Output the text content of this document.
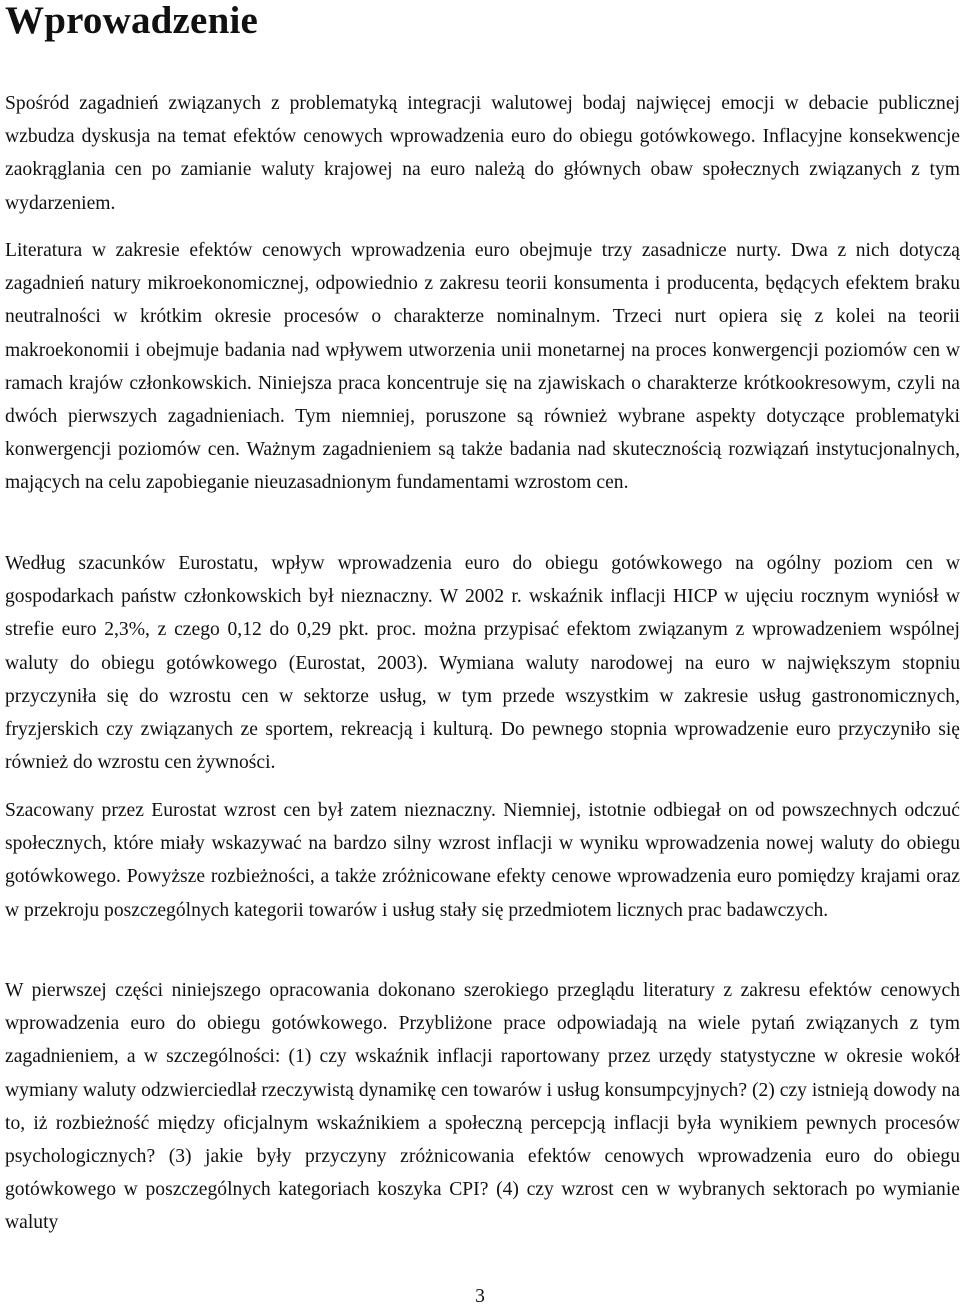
Wprowadzenie

Spośród zagadnień związanych z problematyką integracji walutowej bodaj najwięcej emocji w debacie publicznej wzbudza dyskusja na temat efektów cenowych wprowadzenia euro do obiegu gotówkowego. Inflacyjne konsekwencje zaokrąglania cen po zamianie waluty krajowej na euro należą do głównych obaw społecznych związanych z tym wydarzeniem.

Literatura w zakresie efektów cenowych wprowadzenia euro obejmuje trzy zasadnicze nurty. Dwa z nich dotyczą zagadnień natury mikroekonomicznej, odpowiednio z zakresu teorii konsumenta i producenta, będących efektem braku neutralności w krótkim okresie procesów o charakterze nominalnym. Trzeci nurt opiera się z kolei na teorii makroekonomii i obejmuje badania nad wpływem utworzenia unii monetarnej na proces konwergencji poziomów cen w ramach krajów członkowskich. Niniejsza praca koncentruje się na zjawiskach o charakterze krótkookresowym, czyli na dwóch pierwszych zagadnieniach. Tym niemniej, poruszone są również wybrane aspekty dotyczące problematyki konwergencji poziomów cen. Ważnym zagadnieniem są także badania nad skutecznością rozwiązań instytucjonalnych, mających na celu zapobieganie nieuzasadnionym fundamentami wzrostom cen.

Według szacunków Eurostatu, wpływ wprowadzenia euro do obiegu gotówkowego na ogólny poziom cen w gospodarkach państw członkowskich był nieznaczny. W 2002 r. wskaźnik inflacji HICP w ujęciu rocznym wyniósł w strefie euro 2,3%, z czego 0,12 do 0,29 pkt. proc. można przypisać efektom związanym z wprowadzeniem wspólnej waluty do obiegu gotówkowego (Eurostat, 2003). Wymiana waluty narodowej na euro w największym stopniu przyczyniła się do wzrostu cen w sektorze usług, w tym przede wszystkim w zakresie usług gastronomicznych, fryzjerskich czy związanych ze sportem, rekreacją i kulturą. Do pewnego stopnia wprowadzenie euro przyczyniło się również do wzrostu cen żywności.

Szacowany przez Eurostat wzrost cen był zatem nieznaczny. Niemniej, istotnie odbiegał on od powszechnych odczuć społecznych, które miały wskazywać na bardzo silny wzrost inflacji w wyniku wprowadzenia nowej waluty do obiegu gotówkowego. Powyższe rozbieżności, a także zróżnicowane efekty cenowe wprowadzenia euro pomiędzy krajami oraz w przekroju poszczególnych kategorii towarów i usług stały się przedmiotem licznych prac badawczych.

W pierwszej części niniejszego opracowania dokonano szerokiego przeglądu literatury z zakresu efektów cenowych wprowadzenia euro do obiegu gotówkowego. Przybliżone prace odpowiadają na wiele pytań związanych z tym zagadnieniem, a w szczególności: (1) czy wskaźnik inflacji raportowany przez urzędy statystyczne w okresie wokół wymiany waluty odzwierciedlał rzeczywistą dynamikę cen towarów i usług konsumpcyjnych? (2) czy istnieją dowody na to, iż rozbieżność między oficjalnym wskaźnikiem a społeczną percepcją inflacji była wynikiem pewnych procesów psychologicznych? (3) jakie były przyczyny zróżnicowania efektów cenowych wprowadzenia euro do obiegu gotówkowego w poszczególnych kategoriach koszyka CPI? (4) czy wzrost cen w wybranych sektorach po wymianie waluty

3
